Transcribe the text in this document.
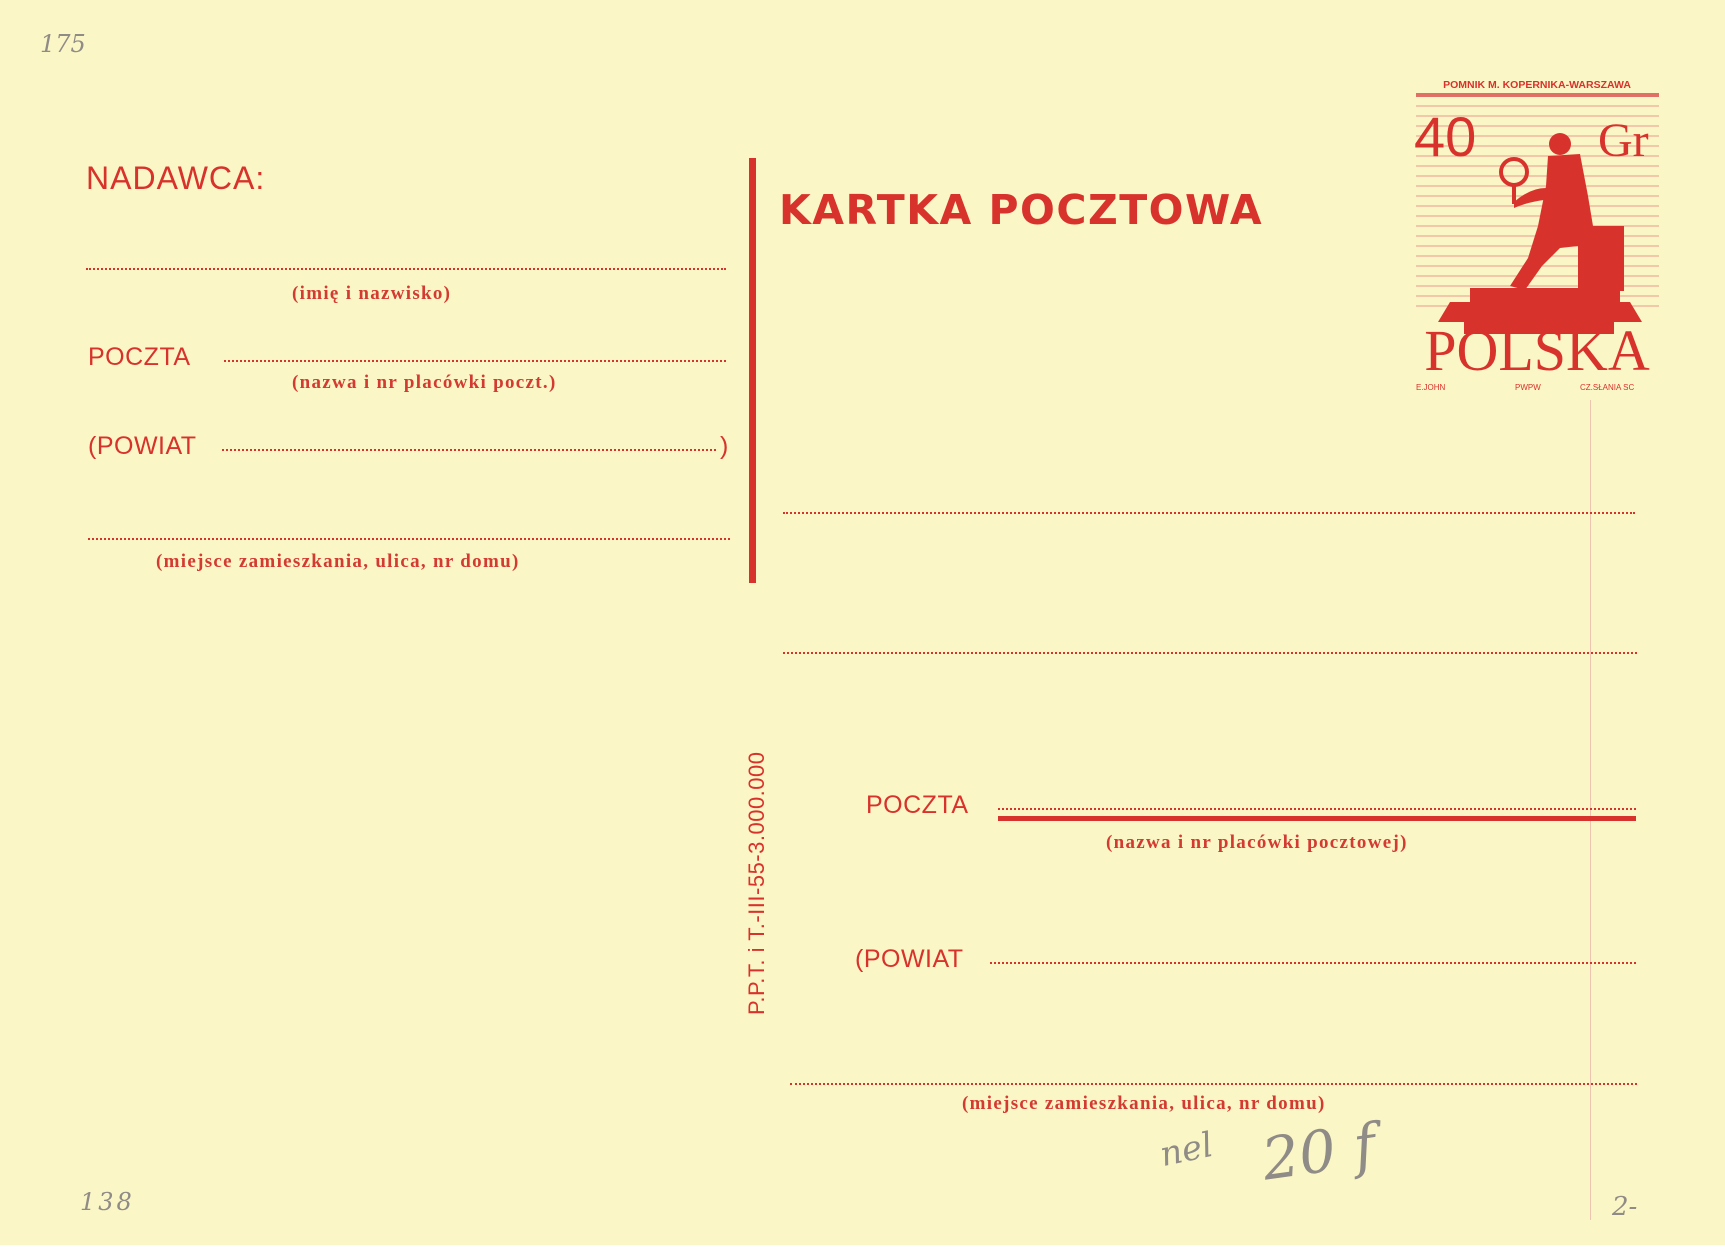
175
138
nel 20 f
2-
NADAWCA:
(imię i nazwisko)
POCZTA
(nazwa i nr placówki poczt.)
(POWIAT	)
(miejsce zamieszkania, ulica, nr domu)
P.P.T. i T.-III-55-3.000.000
KARTKA POCZTOWA
POMNIK M. KOPERNIKA-WARSZAWA
40	Gr
POLSKA
E.JOHN	PWPW	CZ.SŁANIA SC
POCZTA
(nazwa i nr placówki pocztowej)
(POWIAT
(miejsce zamieszkania, ulica, nr domu)
